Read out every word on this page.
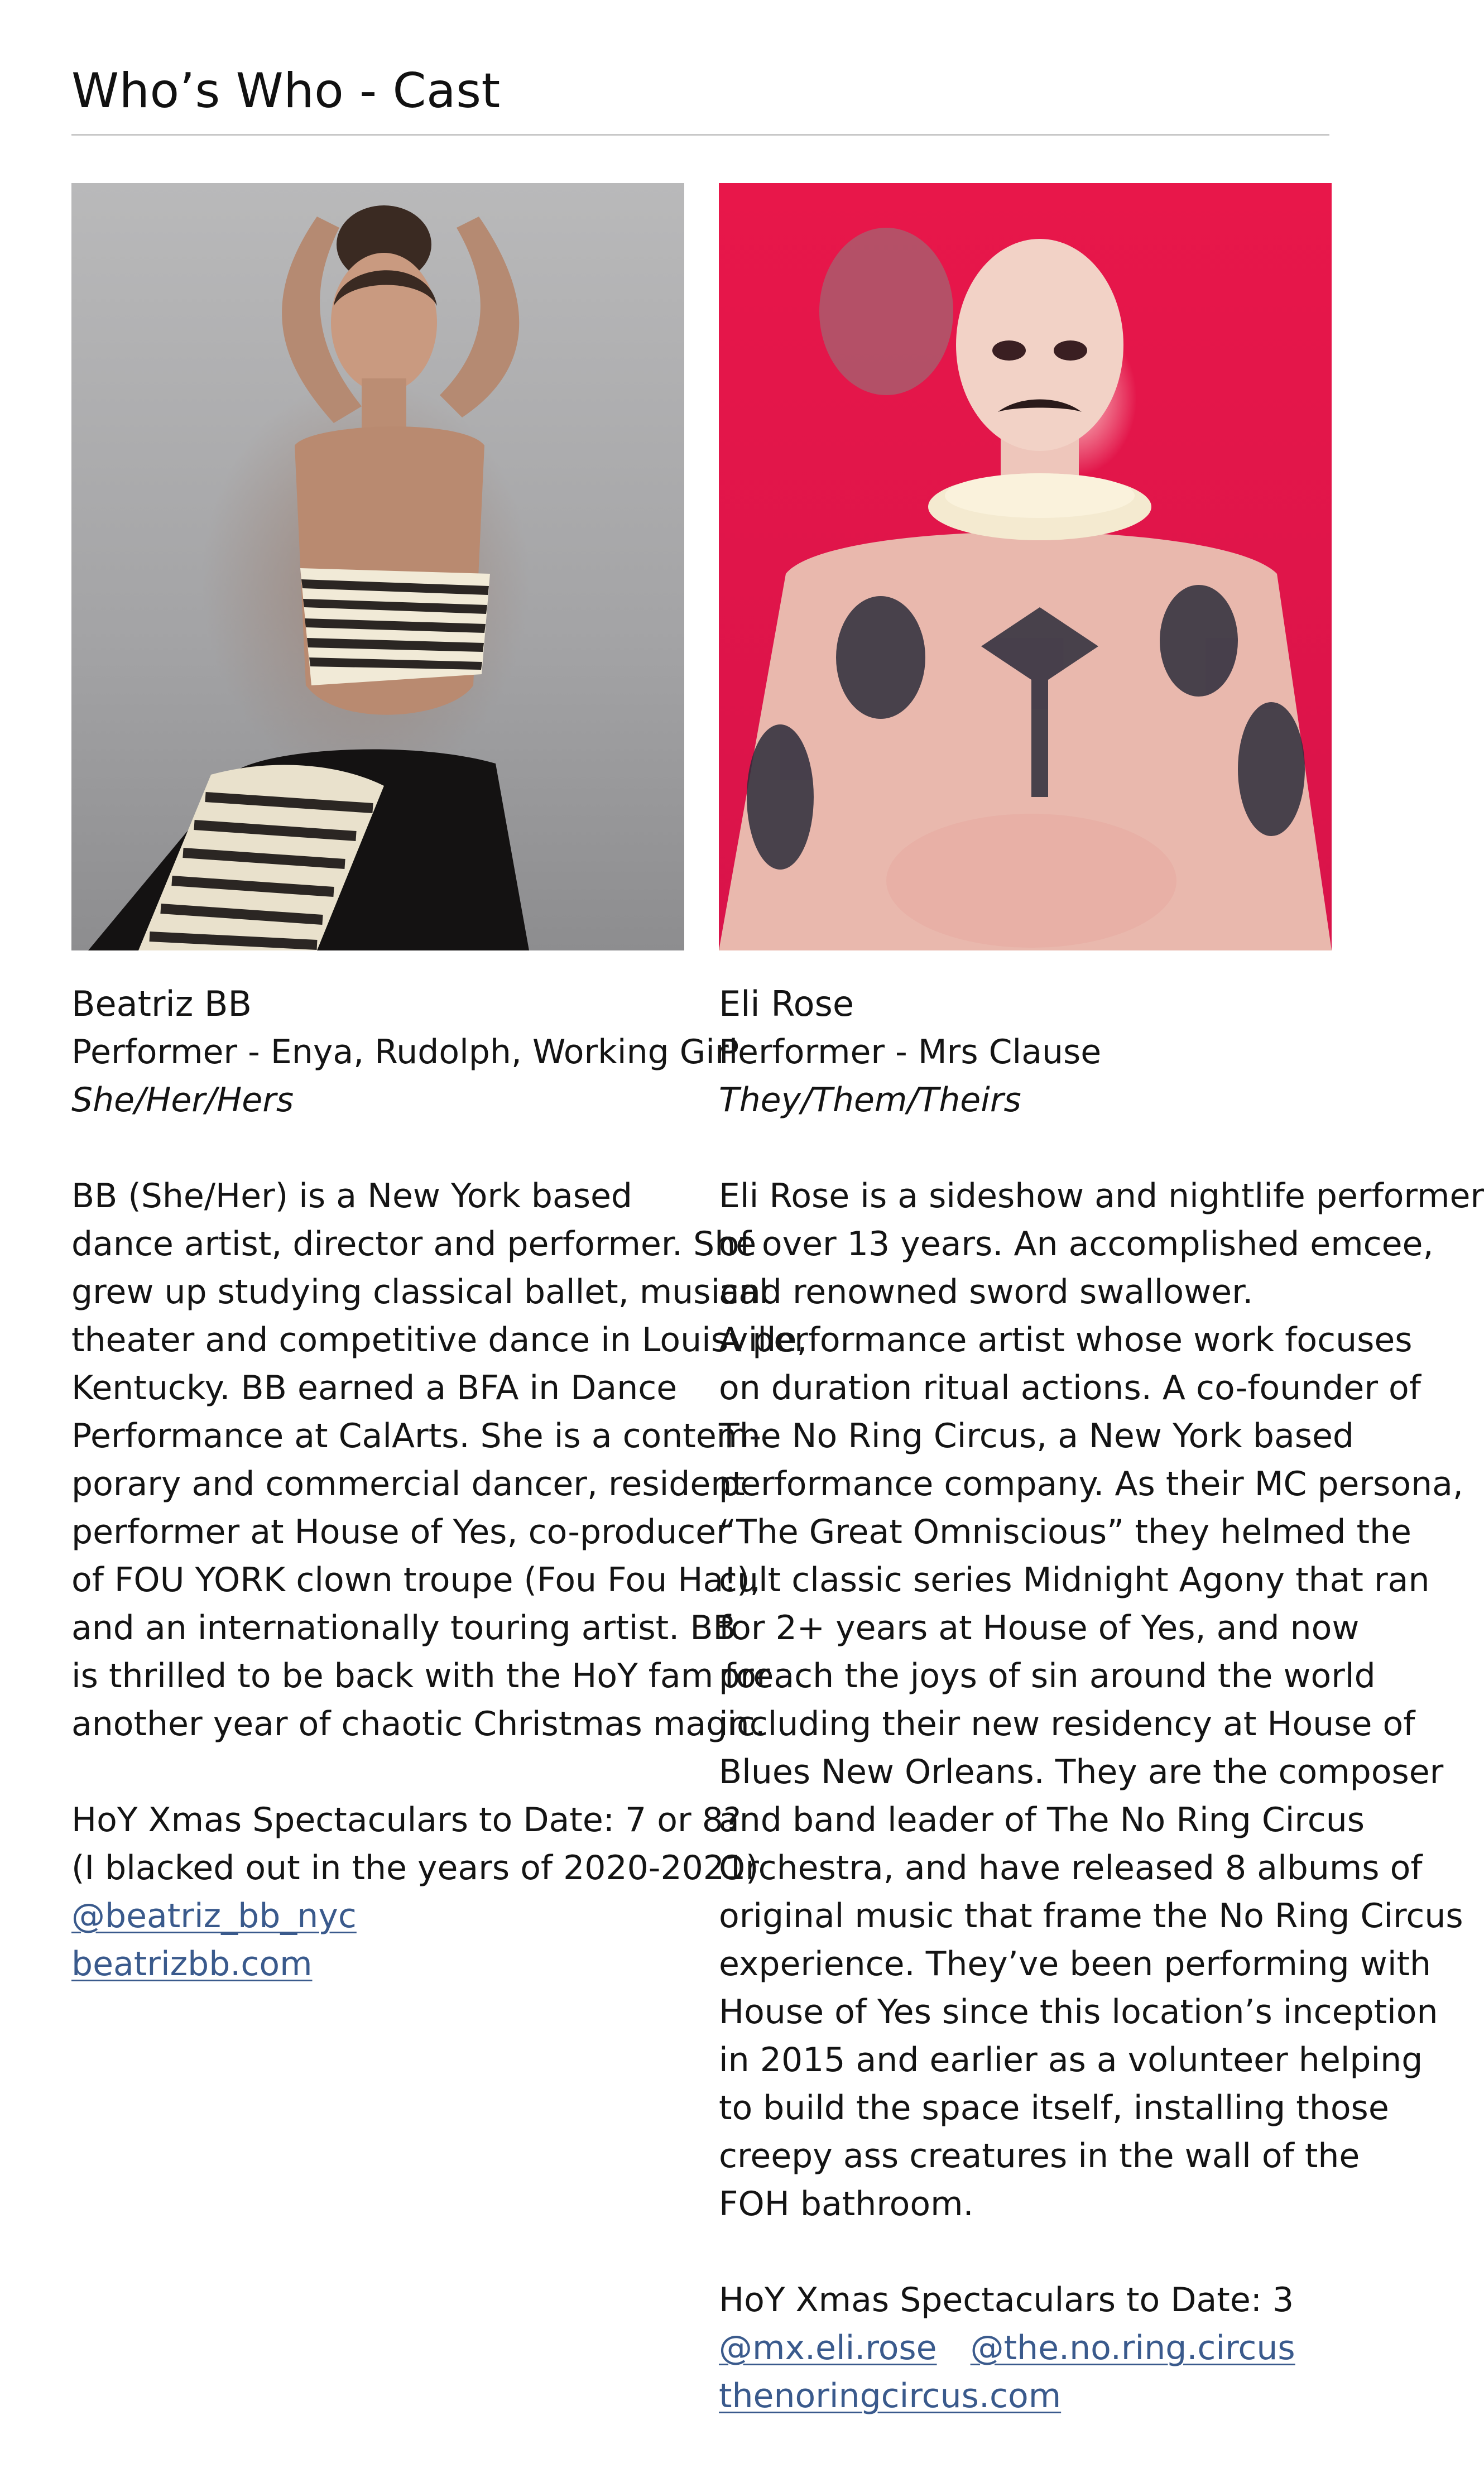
Who’s Who - Cast
Beatriz BB
Performer - Enya, Rudolph, Working Girl
She/Her/Hers
BB (She/Her) is a New York based
dance artist, director and performer. She
grew up studying classical ballet, musical
theater and competitive dance in Louisville,
Kentucky. BB earned a BFA in Dance
Performance at CalArts. She is a contem-
porary and commercial dancer, resident
performer at House of Yes, co-producer
of FOU YORK clown troupe (Fou Fou Ha!),
and an internationally touring artist. BB
is thrilled to be back with the HoY fam for
another year of chaotic Christmas magic.
HoY Xmas Spectaculars to Date: 7 or 8?
(I blacked out in the years of 2020-2021)
@beatriz_bb_nyc
beatrizbb.com
Eli Rose
Performer - Mrs Clause
They/Them/Theirs
Eli Rose is a sideshow and nightlife performer
of over 13 years. An accomplished emcee,
and renowned sword swallower.
A performance artist whose work focuses
on duration ritual actions. A co-founder of
The No Ring Circus, a New York based
performance company. As their MC persona,
“The Great Omniscious” they helmed the
cult classic series Midnight Agony that ran
for 2+ years at House of Yes, and now
preach the joys of sin around the world
including their new residency at House of
Blues New Orleans. They are the composer
and band leader of The No Ring Circus
Orchestra, and have released 8 albums of
original music that frame the No Ring Circus
experience. They’ve been performing with
House of Yes since this location’s inception
in 2015 and earlier as a volunteer helping
to build the space itself, installing those
creepy ass creatures in the wall of the
FOH bathroom.
HoY Xmas Spectaculars to Date: 3
@mx.eli.rose @the.no.ring.circus
thenoringcircus.com
